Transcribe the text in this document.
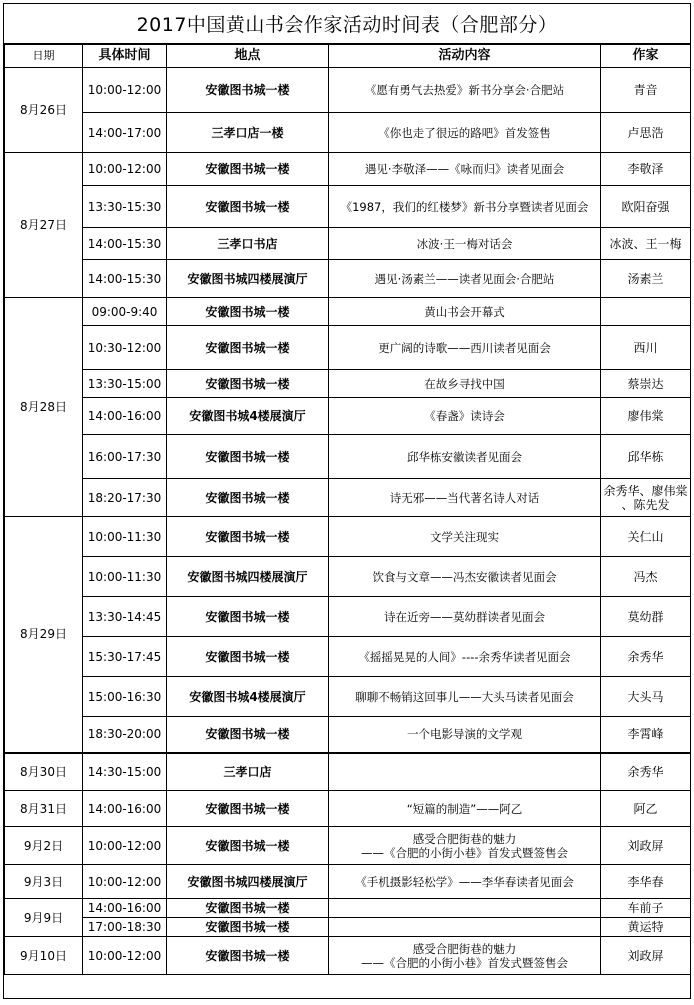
2017中国黄山书会作家活动时间表（合肥部分）
日期	具体时间	地点	活动内容	作家
8月26日	10:00-12:00	安徽图书城一楼	《愿有勇气去热爱》新书分享会·合肥站	青音
	14:00-17:00	三孝口店一楼	《你也走了很远的路吧》首发签售	卢思浩
8月27日	10:00-12:00	安徽图书城一楼	遇见·李敬泽——《咏而归》读者见面会	李敬泽
	13:30-15:30	安徽图书城一楼	《1987，我们的红楼梦》新书分享暨读者见面会	欧阳奋强
	14:00-15:30	三孝口书店	冰波·王一梅对话会	冰波、王一梅
	14:00-15:30	安徽图书城四楼展演厅	遇见·汤素兰——读者见面会·合肥站	汤素兰
8月28日	09:00-9:40	安徽图书城一楼	黄山书会开幕式	
	10:30-12:00	安徽图书城一楼	更广阔的诗歌——西川读者见面会	西川
	13:30-15:00	安徽图书城一楼	在故乡寻找中国	蔡崇达
	14:00-16:00	安徽图书城4楼展演厅	《春盏》读诗会	廖伟棠
	16:00-17:30	安徽图书城一楼	邱华栋安徽读者见面会	邱华栋
	18:20-17:30	安徽图书城一楼	诗无邪——当代著名诗人对话	余秀华、廖伟棠
、陈先发

8月29日	10:00-11:30	安徽图书城一楼	文学关注现实	关仁山
	10:00-11:30	安徽图书城四楼展演厅	饮食与文章——冯杰安徽读者见面会	冯杰
	13:30-14:45	安徽图书城一楼	诗在近旁——莫幼群读者见面会	莫幼群
	15:30-17:45	安徽图书城一楼	《摇摇晃晃的人间》----余秀华读者见面会	余秀华
	15:00-16:30	安徽图书城4楼展演厅	聊聊不畅销这回事儿——大头马读者见面会	大头马
	18:30-20:00	安徽图书城一楼	一个电影导演的文学观	李霄峰
8月30日	14:30-15:00	三孝口店		余秀华
8月31日	14:00-16:00	安徽图书城一楼	“短篇的制造”——阿乙	阿乙
9月2日	10:00-12:00	安徽图书城一楼	感受合肥街巷的魅力
——《合肥的小街小巷》首发式暨签售会	刘政屏
9月3日	10:00-12:00	安徽图书城四楼展演厅	《手机摄影轻松学》——李华春读者见面会	李华春
9月9日	14:00-16:00	安徽图书城一楼		车前子
	17:00-18:30	安徽图书城一楼		黄运特
9月10日	10:00-12:00	安徽图书城一楼	感受合肥街巷的魅力
——《合肥的小街小巷》首发式暨签售会	刘政屏
